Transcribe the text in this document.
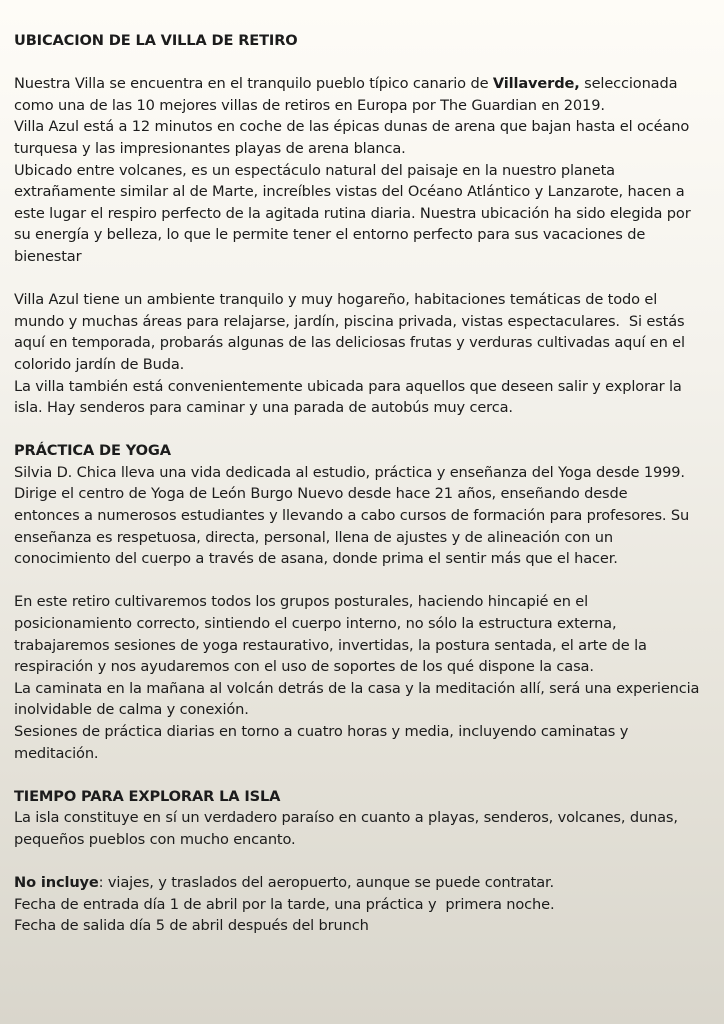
UBICACION DE LA VILLA DE RETIRO
Nuestra Villa se encuentra en el tranquilo pueblo típico canario de Villaverde, seleccionada
como una de las 10 mejores villas de retiros en Europa por The Guardian en 2019.
Villa Azul está a 12 minutos en coche de las épicas dunas de arena que bajan hasta el océano
turquesa y las impresionantes playas de arena blanca.
Ubicado entre volcanes, es un espectáculo natural del paisaje en la nuestro planeta
extrañamente similar al de Marte, increíbles vistas del Océano Atlántico y Lanzarote, hacen a
este lugar el respiro perfecto de la agitada rutina diaria. Nuestra ubicación ha sido elegida por
su energía y belleza, lo que le permite tener el entorno perfecto para sus vacaciones de
bienestar
Villa Azul tiene un ambiente tranquilo y muy hogareño, habitaciones temáticas de todo el
mundo y muchas áreas para relajarse, jardín, piscina privada, vistas espectaculares.  Si estás
aquí en temporada, probarás algunas de las deliciosas frutas y verduras cultivadas aquí en el
colorido jardín de Buda.
La villa también está convenientemente ubicada para aquellos que deseen salir y explorar la
isla. Hay senderos para caminar y una parada de autobús muy cerca.
PRÁCTICA DE YOGA
Silvia D. Chica lleva una vida dedicada al estudio, práctica y enseñanza del Yoga desde 1999.
Dirige el centro de Yoga de León Burgo Nuevo desde hace 21 años, enseñando desde
entonces a numerosos estudiantes y llevando a cabo cursos de formación para profesores. Su
enseñanza es respetuosa, directa, personal, llena de ajustes y de alineación con un
conocimiento del cuerpo a través de asana, donde prima el sentir más que el hacer.
En este retiro cultivaremos todos los grupos posturales, haciendo hincapié en el
posicionamiento correcto, sintiendo el cuerpo interno, no sólo la estructura externa,
trabajaremos sesiones de yoga restaurativo, invertidas, la postura sentada, el arte de la
respiración y nos ayudaremos con el uso de soportes de los qué dispone la casa.
La caminata en la mañana al volcán detrás de la casa y la meditación allí, será una experiencia
inolvidable de calma y conexión.
Sesiones de práctica diarias en torno a cuatro horas y media, incluyendo caminatas y
meditación.
TIEMPO PARA EXPLORAR LA ISLA
La isla constituye en sí un verdadero paraíso en cuanto a playas, senderos, volcanes, dunas,
pequeños pueblos con mucho encanto.
No incluye: viajes, y traslados del aeropuerto, aunque se puede contratar.
Fecha de entrada día 1 de abril por la tarde, una práctica y  primera noche.
Fecha de salida día 5 de abril después del brunch
